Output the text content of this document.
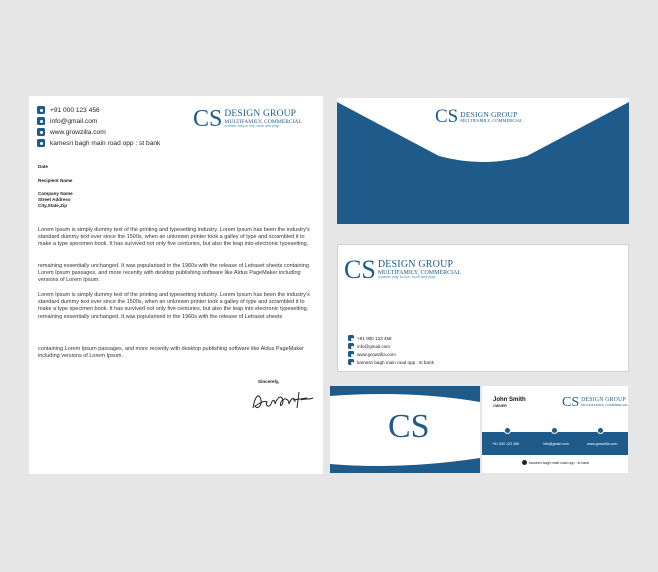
+91 000 123 456
info@gmail.com
www.growzilla.com
kamesri bagh main road opp : st bank
CS DESIGN GROUP
MULTIFAMILY, COMMERCIAL
A better way to live, work and play
Date
Recipient Name
Company Name
Street Address
City,State,Zip
Lorem Ipsum is simply dummy text of the printing and typesetting industry. Lorem Ipsum has been the industry's standard dummy text ever since the 1500s, when an unknown printer took a galley of type and scrambled it to make a type specimen book. It has survived not only five centuries, but also the leap into electronic typesetting,
remaining essentially unchanged. It was popularised in the 1960s with the release of Letraset sheets containing Lorem Ipsum passages, and more recently with desktop publishing software like Aldus PageMaker including versions of Lorem Ipsum.
Lorem Ipsum is simply dummy text of the printing and typesetting industry. Lorem Ipsum has been the industry's standard dummy text ever since the 1500s, when an unknown printer took a galley of type and scrambled it to make a type specimen book. It has survived not only five centuries, but also the leap into electronic typesetting, remaining essentially unchanged. It was popularised in the 1960s with the release of Letraset sheets
containing Lorem Ipsum passages, and more recently with desktop publishing software like Aldus PageMaker including versions of Lorem Ipsum.
Sincerely,
CS DESIGN GROUP
MULTIFAMILY, COMMERCIAL
CS DESIGN GROUP
MULTIFAMILY, COMMERCIAL
A better way to live, work and play
+91 000 123 456
info@gmail.com
www.growzilla.com
kamesri bagh main road opp : st bank
CS
John Smith
OWNER	CS DESIGN GROUP
MULTIFAMILY, COMMERCIAL
+91 000 123 456	info@gmail.com	www.growzilla.com
kamesri bagh main road opp : st bank
